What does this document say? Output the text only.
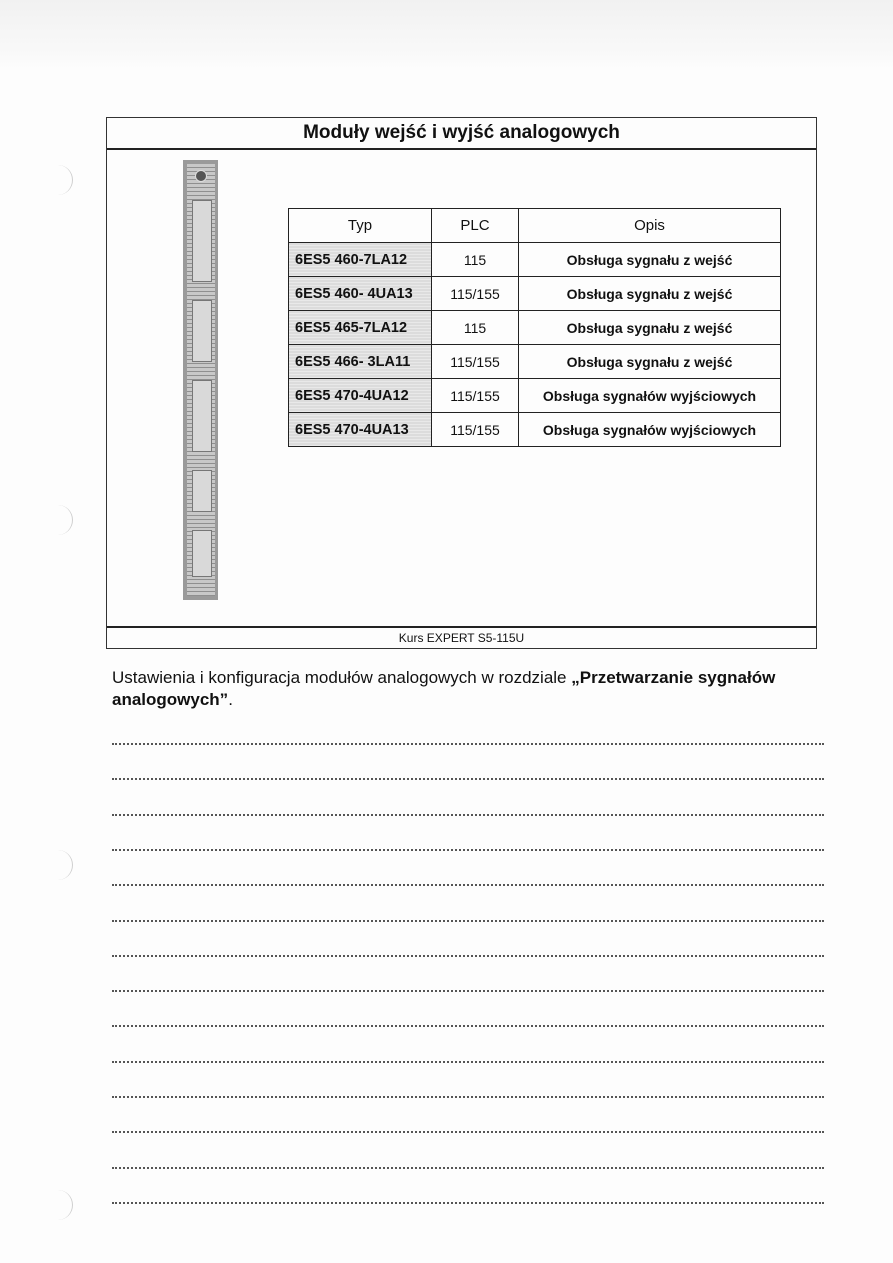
Moduły wejść i wyjść analogowych
Typ	PLC	Opis
6ES5 460-7LA12	115	Obsługa sygnału z wejść
6ES5 460- 4UA13	115/155	Obsługa sygnału z wejść
6ES5 465-7LA12	115	Obsługa sygnału z wejść
6ES5 466- 3LA11	115/155	Obsługa sygnału z wejść
6ES5 470-4UA12	115/155	Obsługa sygnałów wyjściowych
6ES5 470-4UA13	115/155	Obsługa sygnałów wyjściowych
Kurs EXPERT S5-115U
Ustawienia i konfiguracja modułów analogowych w rozdziale „Przetwarzanie sygnałów analogowych”.
